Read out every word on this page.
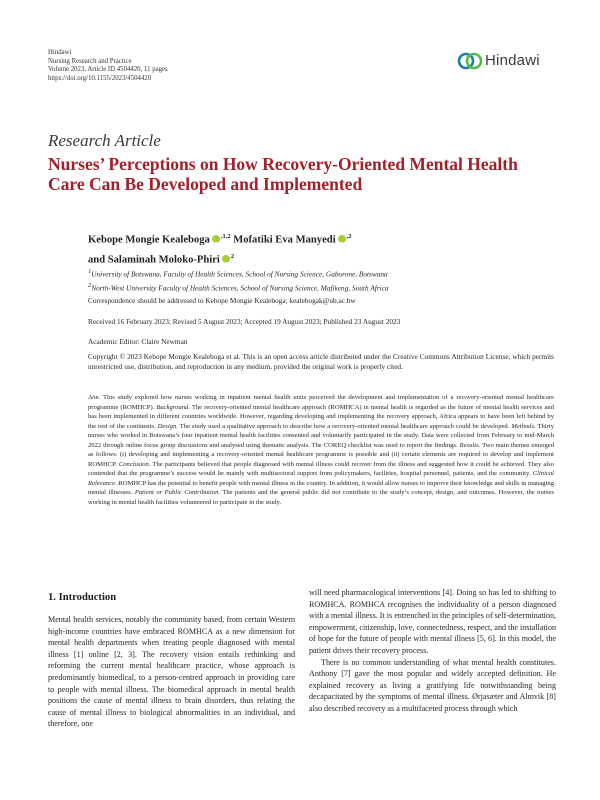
Hindawi
Nursing Research and Practice
Volume 2023, Article ID 4504420, 11 pages
https://doi.org/10.1155/2023/4504420
Hindawi
Research Article
Nurses’ Perceptions on How Recovery-Oriented Mental Health Care Can Be Developed and Implemented
Kebope Mongie Kealeboga iD $^{,1,2}$ Mofatiki Eva Manyedi iD $^{,2}$
and Salaminah Moloko-Phiri iD $^2$
$^1$University of Botswana, Faculty of Health Sciences, School of Nursing Science, Gaborone, Botswana
$^2$North-West University Faculty of Health Sciences, School of Nursing Science, Mafikeng, South Africa
Correspondence should be addressed to Kebope Mongie Kealeboga; kealebogak@ub.ac.bw
Received 16 February 2023; Revised 5 August 2023; Accepted 19 August 2023; Published 23 August 2023
Academic Editor: Claire Newman
Copyright © 2023 Kebope Mongie Kealeboga et al. This is an open access article distributed under the Creative Commons Attribution License, which permits unrestricted use, distribution, and reproduction in any medium, provided the original work is properly cited.
Aim. This study explored how nurses working in inpatient mental health units perceived the development and implementation of a recovery-oriented mental healthcare programme (ROMHCP). Background. The recovery-oriented mental healthcare approach (ROMHCA) in mental health is regarded as the future of mental health services and has been implemented in different countries worldwide. However, regarding developing and implementing the recovery approach, Africa appears to have been left behind by the rest of the continents. Design. The study used a qualitative approach to describe how a recovery-oriented mental healthcare approach could be developed. Methods. Thirty nurses who worked in Botswana’s four inpatient mental health facilities consented and voluntarily participated in the study. Data were collected from February to mid-March 2022 through online focus group discussions and analysed using thematic analysis. The COREQ checklist was used to report the findings. Results. Two main themes emerged as follows: (i) developing and implementing a recovery-oriented mental healthcare programme is possible and (ii) certain elements are required to develop and implement ROMHCP. Conclusion. The participants believed that people diagnosed with mental illness could recover from the illness and suggested how it could be achieved. They also contended that the programme’s success would lie mainly with multisectoral support from policymakers, facilities, hospital personnel, patients, and the community. Clinical Relevance. ROMHCP has the potential to benefit people with mental illness in the country. In addition, it would allow nurses to improve their knowledge and skills in managing mental illnesses. Patient or Public Contribution. The patients and the general public did not contribute to the study’s concept, design, and outcomes. However, the nurses working in mental health facilities volunteered to participate in the study.
1. Introduction
Mental health services, notably the community based, from certain Western high-income countries have embraced ROMHCA as a new dimension for mental health departments when treating people diagnosed with mental illness [1] online [2, 3]. The recovery vision entails rethinking and reforming the current mental healthcare practice, whose approach is predominantly biomedical, to a person-centred approach in providing care to people with mental illness. The biomedical approach in mental health positions the cause of mental illness to brain disorders, thus relating the cause of mental illness to biological abnormalities in an individual, and therefore, one
will need pharmacological interventions [4]. Doing so has led to shifting to ROMHCA. ROMHCA recognises the individuality of a person diagnosed with a mental illness. It is entrenched in the principles of self-determination, empowerment, citizenship, love, connectedness, respect, and the installation of hope for the future of people with mental illness [5, 6]. In this model, the patient drives their recovery process.
There is no common understanding of what mental health constitutes. Anthony [7] gave the most popular and widely accepted definition. He explained recovery as living a gratifying life notwithstanding being decapacitated by the symptoms of mental illness. Ørjasæter and Almvik [8] also described recovery as a multifaceted process through which
